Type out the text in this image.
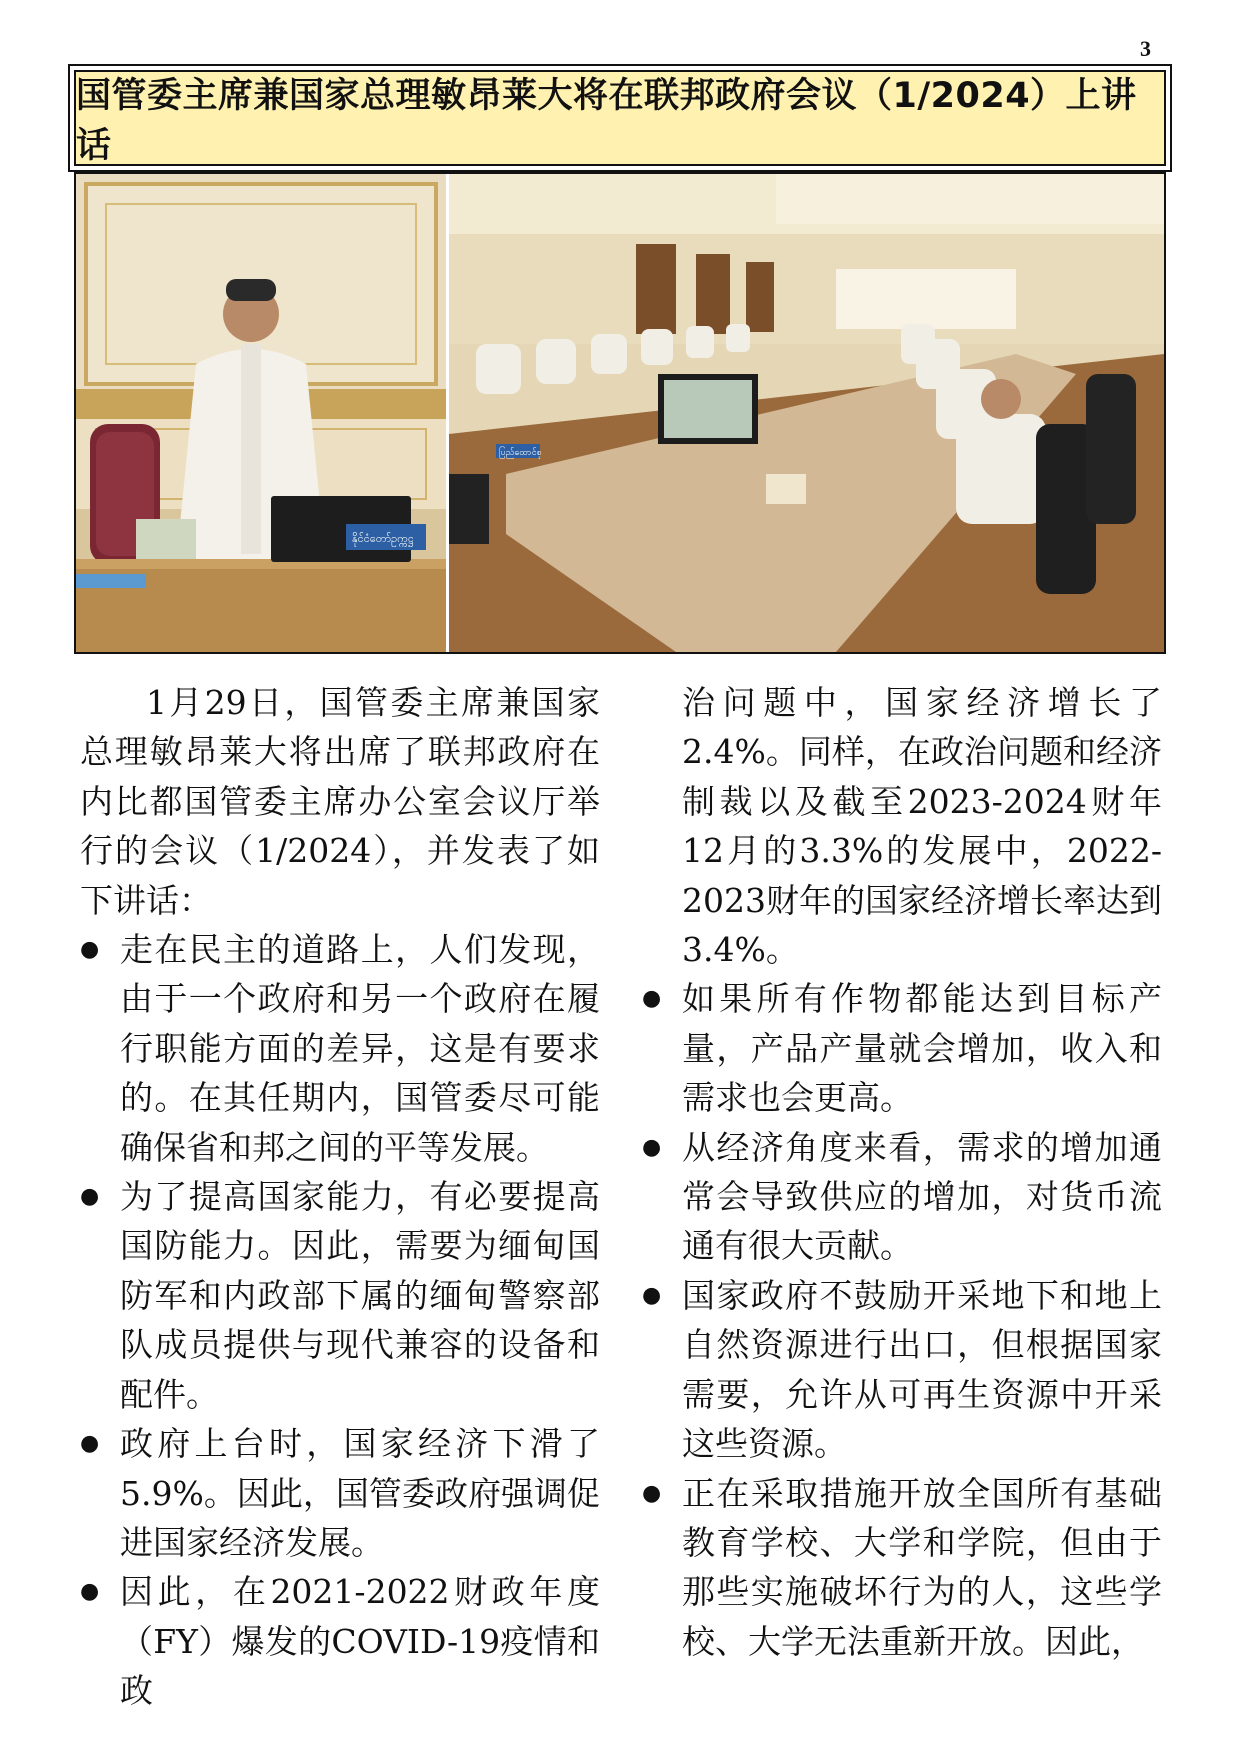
3
国管委主席兼国家总理敏昂莱大将在联邦政府会议（1/2024）上讲话
နိုင်ငံတော်ဥက္ကဋ္ဌ
ပြည်ထောင်စု

1月29日，国管委主席兼国家总理敏昂莱大将出席了联邦政府在内比都国管委主席办公室会议厅举行的会议（1/2024），并发表了如下讲话：

● 走在民主的道路上，人们发现，由于一个政府和另一个政府在履行职能方面的差异，这是有要求的。在其任期内，国管委尽可能确保省和邦之间的平等发展。
● 为了提高国家能力，有必要提高国防能力。因此，需要为缅甸国防军和内政部下属的缅甸警察部队成员提供与现代兼容的设备和配件。
● 政府上台时，国家经济下滑了5.9%。因此，国管委政府强调促进国家经济发展。
● 因此，在2021-2022财政年度（FY）爆发的COVID-19疫情和政

治问题中，国家经济增长了2.4%。同样，在政治问题和经济制裁以及截至2023-2024财年12月的3.3%的发展中，2022-2023财年的国家经济增长率达到3.4%。

● 如果所有作物都能达到目标产量，产品产量就会增加，收入和需求也会更高。
● 从经济角度来看，需求的增加通常会导致供应的增加，对货币流通有很大贡献。
● 国家政府不鼓励开采地下和地上自然资源进行出口，但根据国家需要，允许从可再生资源中开采这些资源。
● 正在采取措施开放全国所有基础教育学校、大学和学院，但由于那些实施破坏行为的人，这些学校、大学无法重新开放。因此，
